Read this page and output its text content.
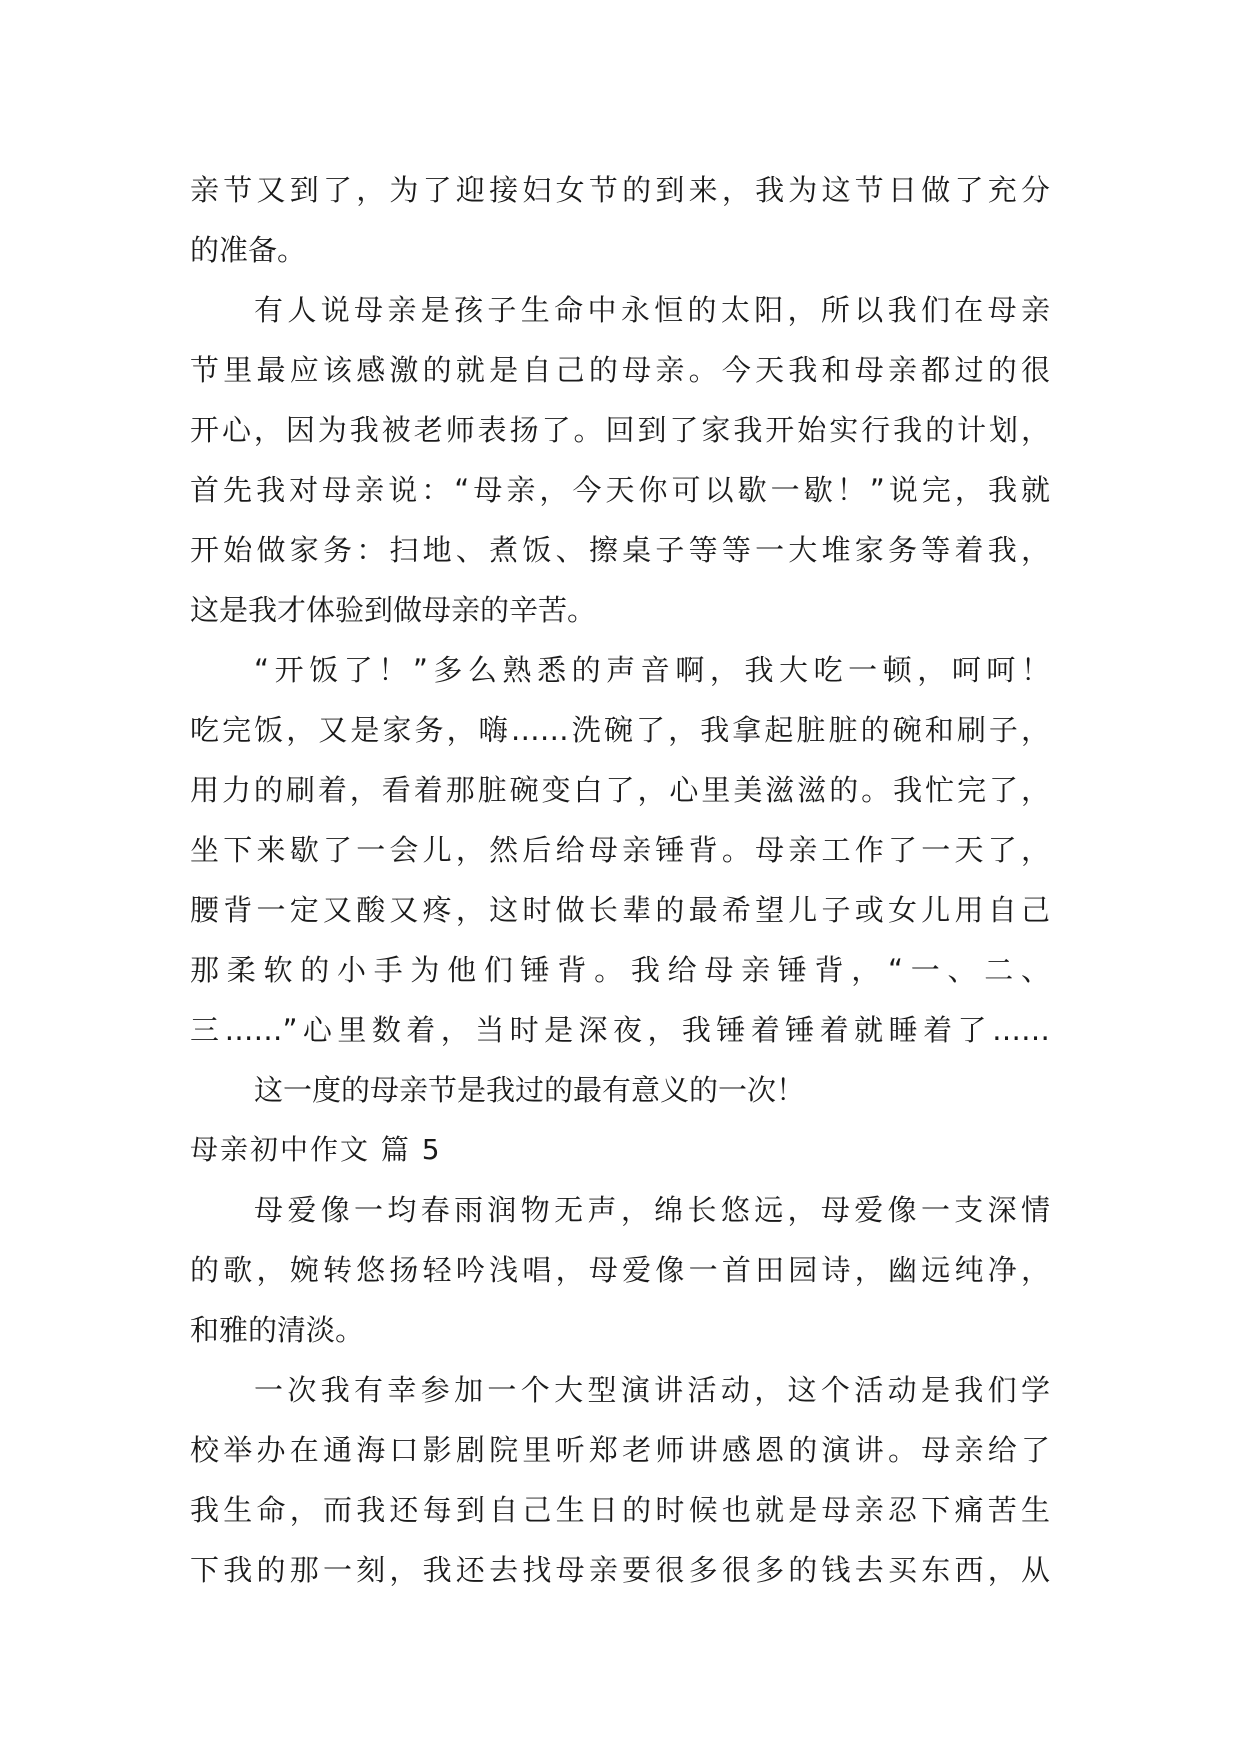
亲节又到了，为了迎接妇女节的到来，我为这节日做了充分
的准备。
有人说母亲是孩子生命中永恒的太阳，所以我们在母亲
节里最应该感激的就是自己的母亲。今天我和母亲都过的很
开心，因为我被老师表扬了。回到了家我开始实行我的计划，
首先我对母亲说：“母亲，今天你可以歇一歇！”说完，我就
开始做家务：扫地、煮饭、擦桌子等等一大堆家务等着我，
这是我才体验到做母亲的辛苦。
“开饭了！”多么熟悉的声音啊，我大吃一顿，呵呵！
吃完饭，又是家务，嗨……洗碗了，我拿起脏脏的碗和刷子，
用力的刷着，看着那脏碗变白了，心里美滋滋的。我忙完了，
坐下来歇了一会儿，然后给母亲锤背。母亲工作了一天了，
腰背一定又酸又疼，这时做长辈的最希望儿子或女儿用自己
那柔软的小手为他们锤背。我给母亲锤背，“一、二、
三……”心里数着，当时是深夜，我锤着锤着就睡着了……
这一度的母亲节是我过的最有意义的一次！
母亲初中作文 篇 5
母爱像一均春雨润物无声，绵长悠远，母爱像一支深情
的歌，婉转悠扬轻吟浅唱，母爱像一首田园诗，幽远纯净，
和雅的清淡。
一次我有幸参加一个大型演讲活动，这个活动是我们学
校举办在通海口影剧院里听郑老师讲感恩的演讲。母亲给了
我生命，而我还每到自己生日的时候也就是母亲忍下痛苦生
下我的那一刻，我还去找母亲要很多很多的钱去买东西，从
